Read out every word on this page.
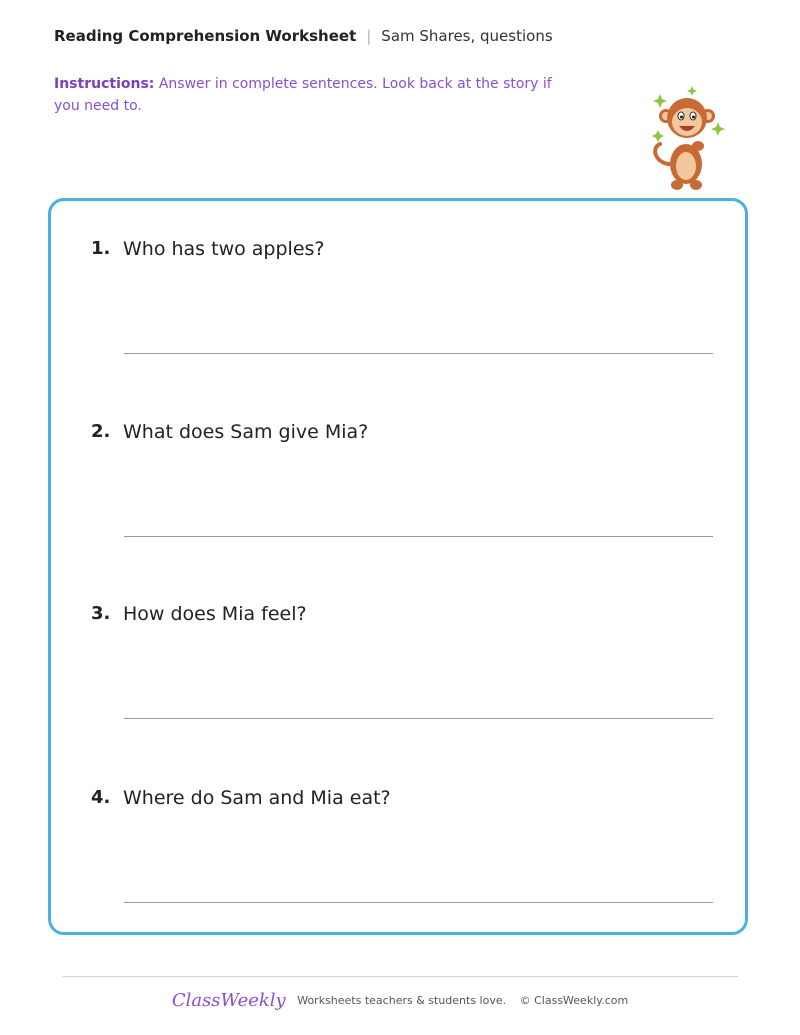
Reading Comprehension Worksheet | Sam Shares, questions
Instructions: Answer in complete sentences. Look back at the story if you need to.
1. Who has two apples?
2. What does Sam give Mia?
3. How does Mia feel?
4. Where do Sam and Mia eat?
ClassWeekly Worksheets teachers & students love. © ClassWeekly.com
